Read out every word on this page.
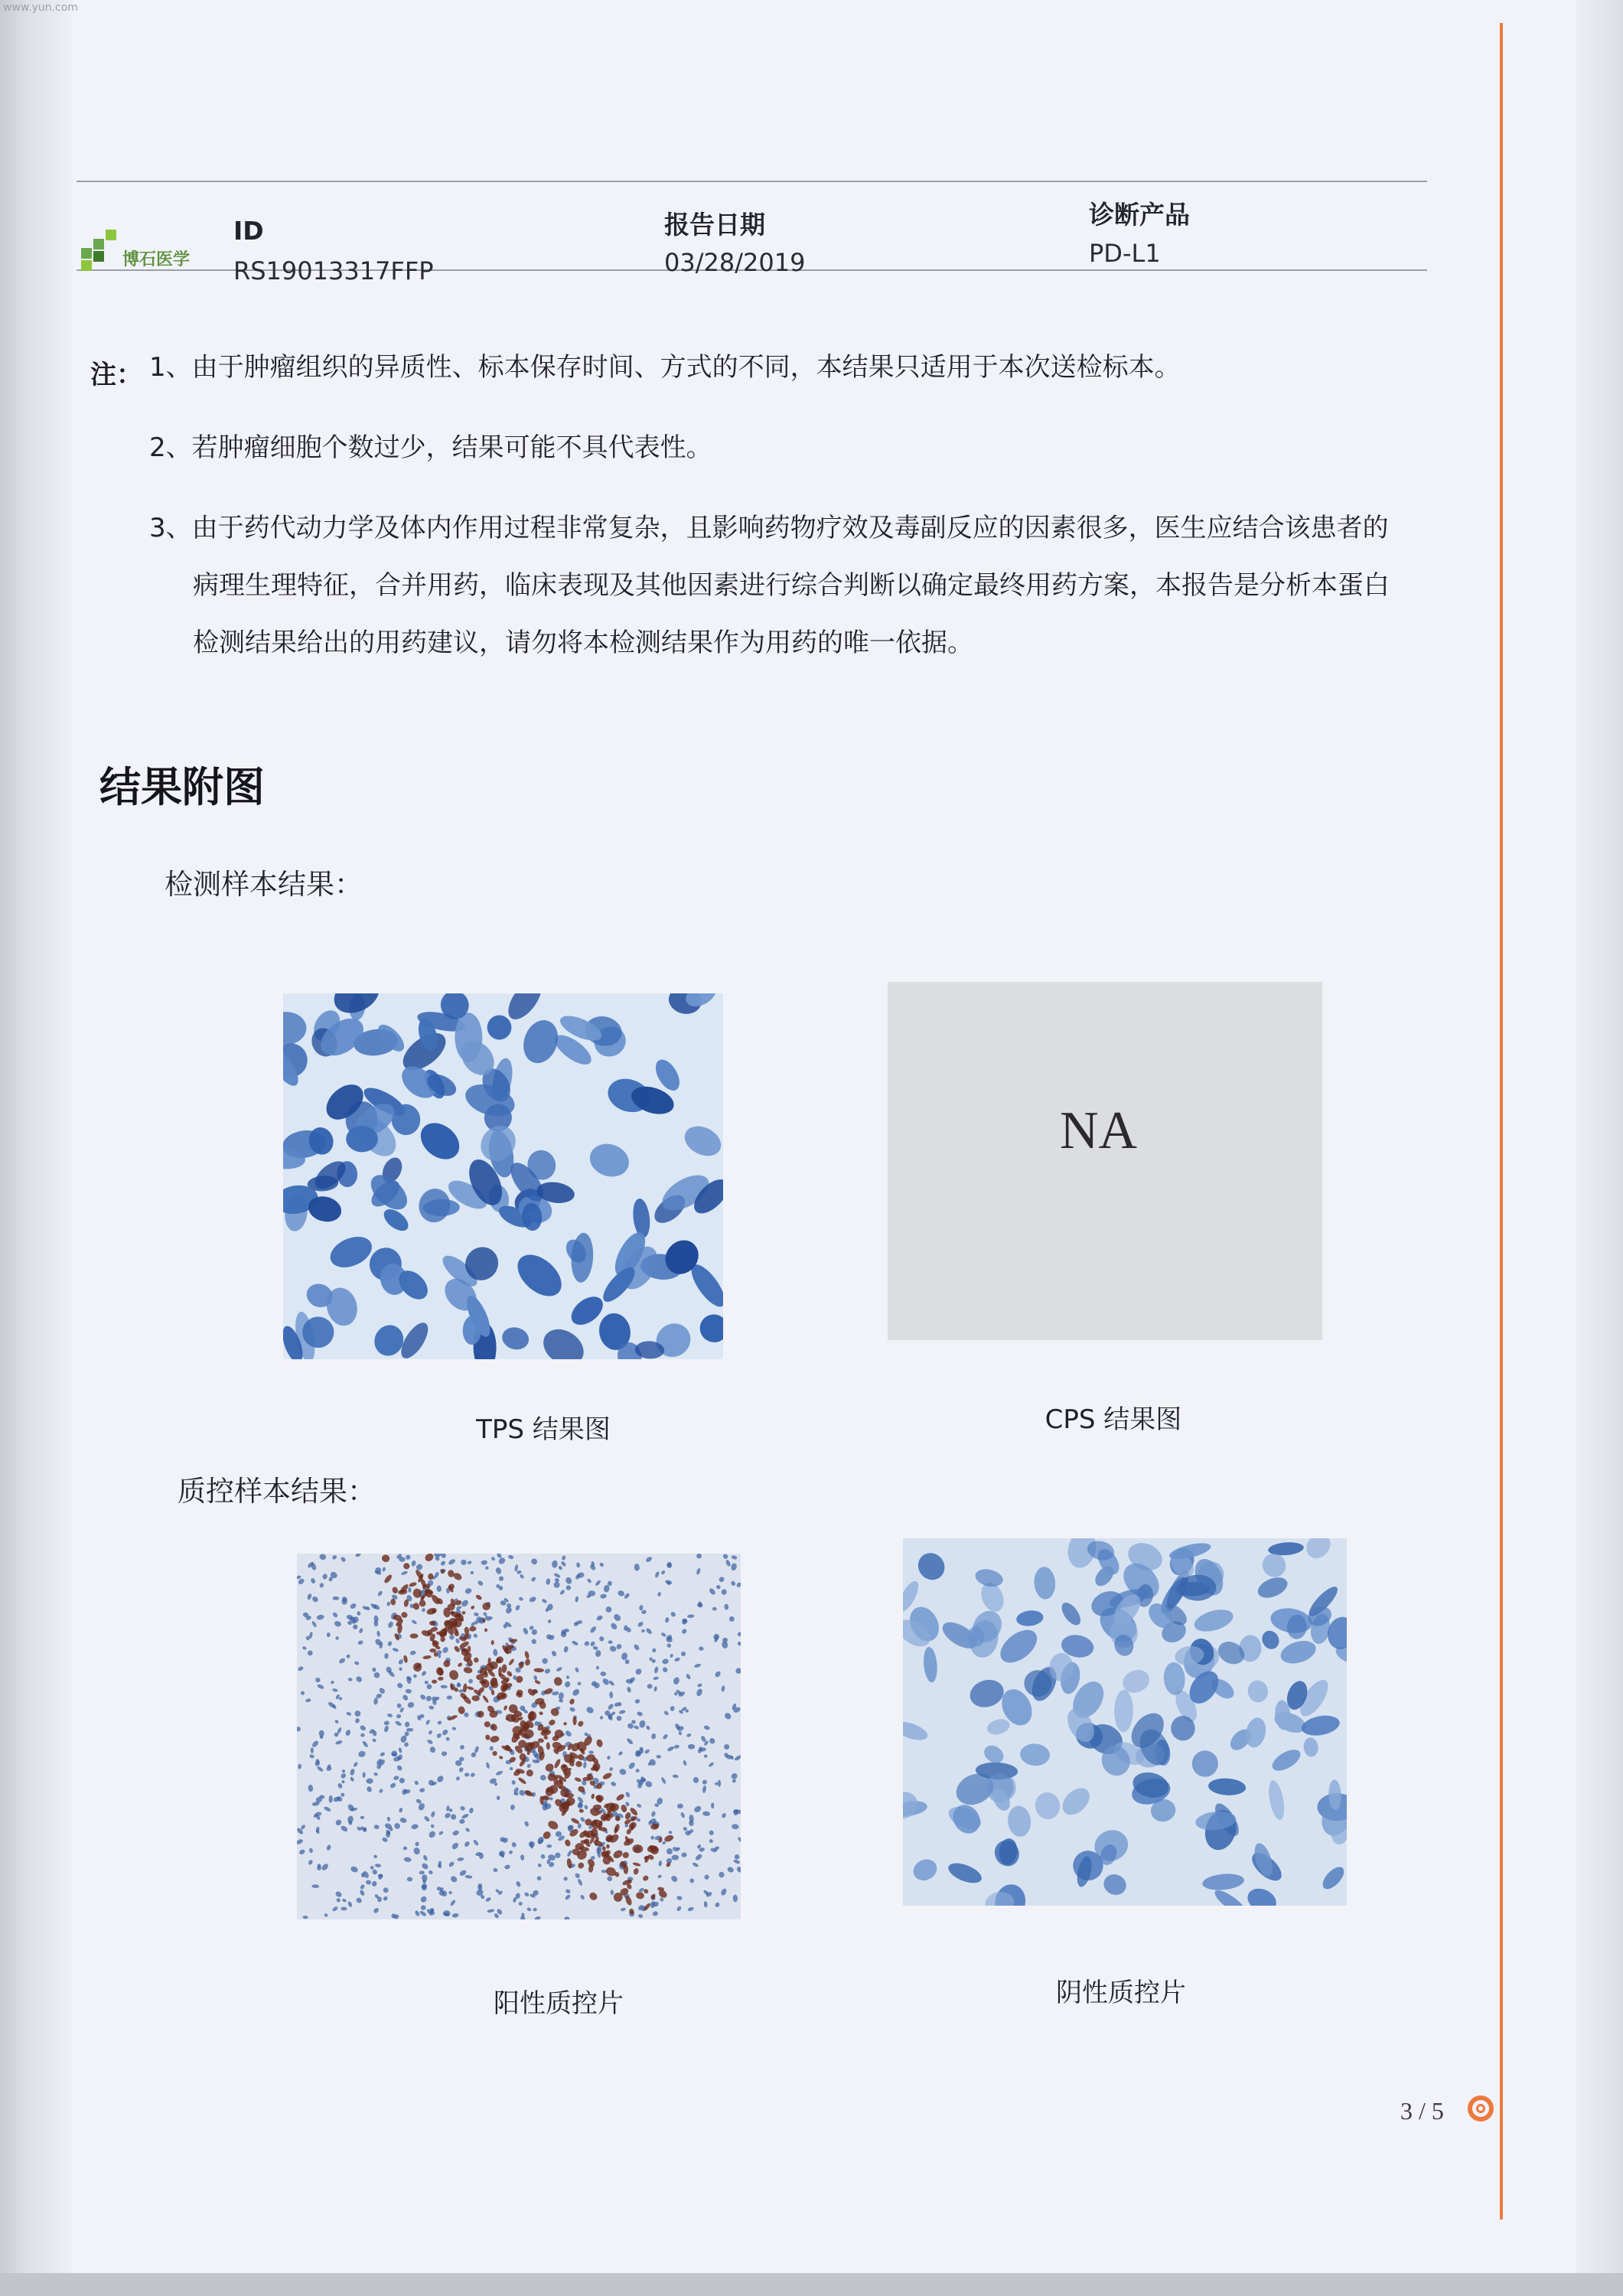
www.yun.com
博石医学
ID
RS19013317FFP
报告日期
03/28/2019
诊断产品
PD-L1
注： 1、由于肿瘤组织的异质性、标本保存时间、方式的不同，本结果只适用于本次送检标本。
2、若肿瘤细胞个数过少，结果可能不具代表性。
3、由于药代动力学及体内作用过程非常复杂，且影响药物疗效及毒副反应的因素很多，医生应结合该患者的
病理生理特征，合并用药，临床表现及其他因素进行综合判断以确定最终用药方案，本报告是分析本蛋白
检测结果给出的用药建议，请勿将本检测结果作为用药的唯一依据。
结果附图
检测样本结果：
TPS 结果图
NA
CPS 结果图
质控样本结果：
阳性质控片	阴性质控片
3 / 5
